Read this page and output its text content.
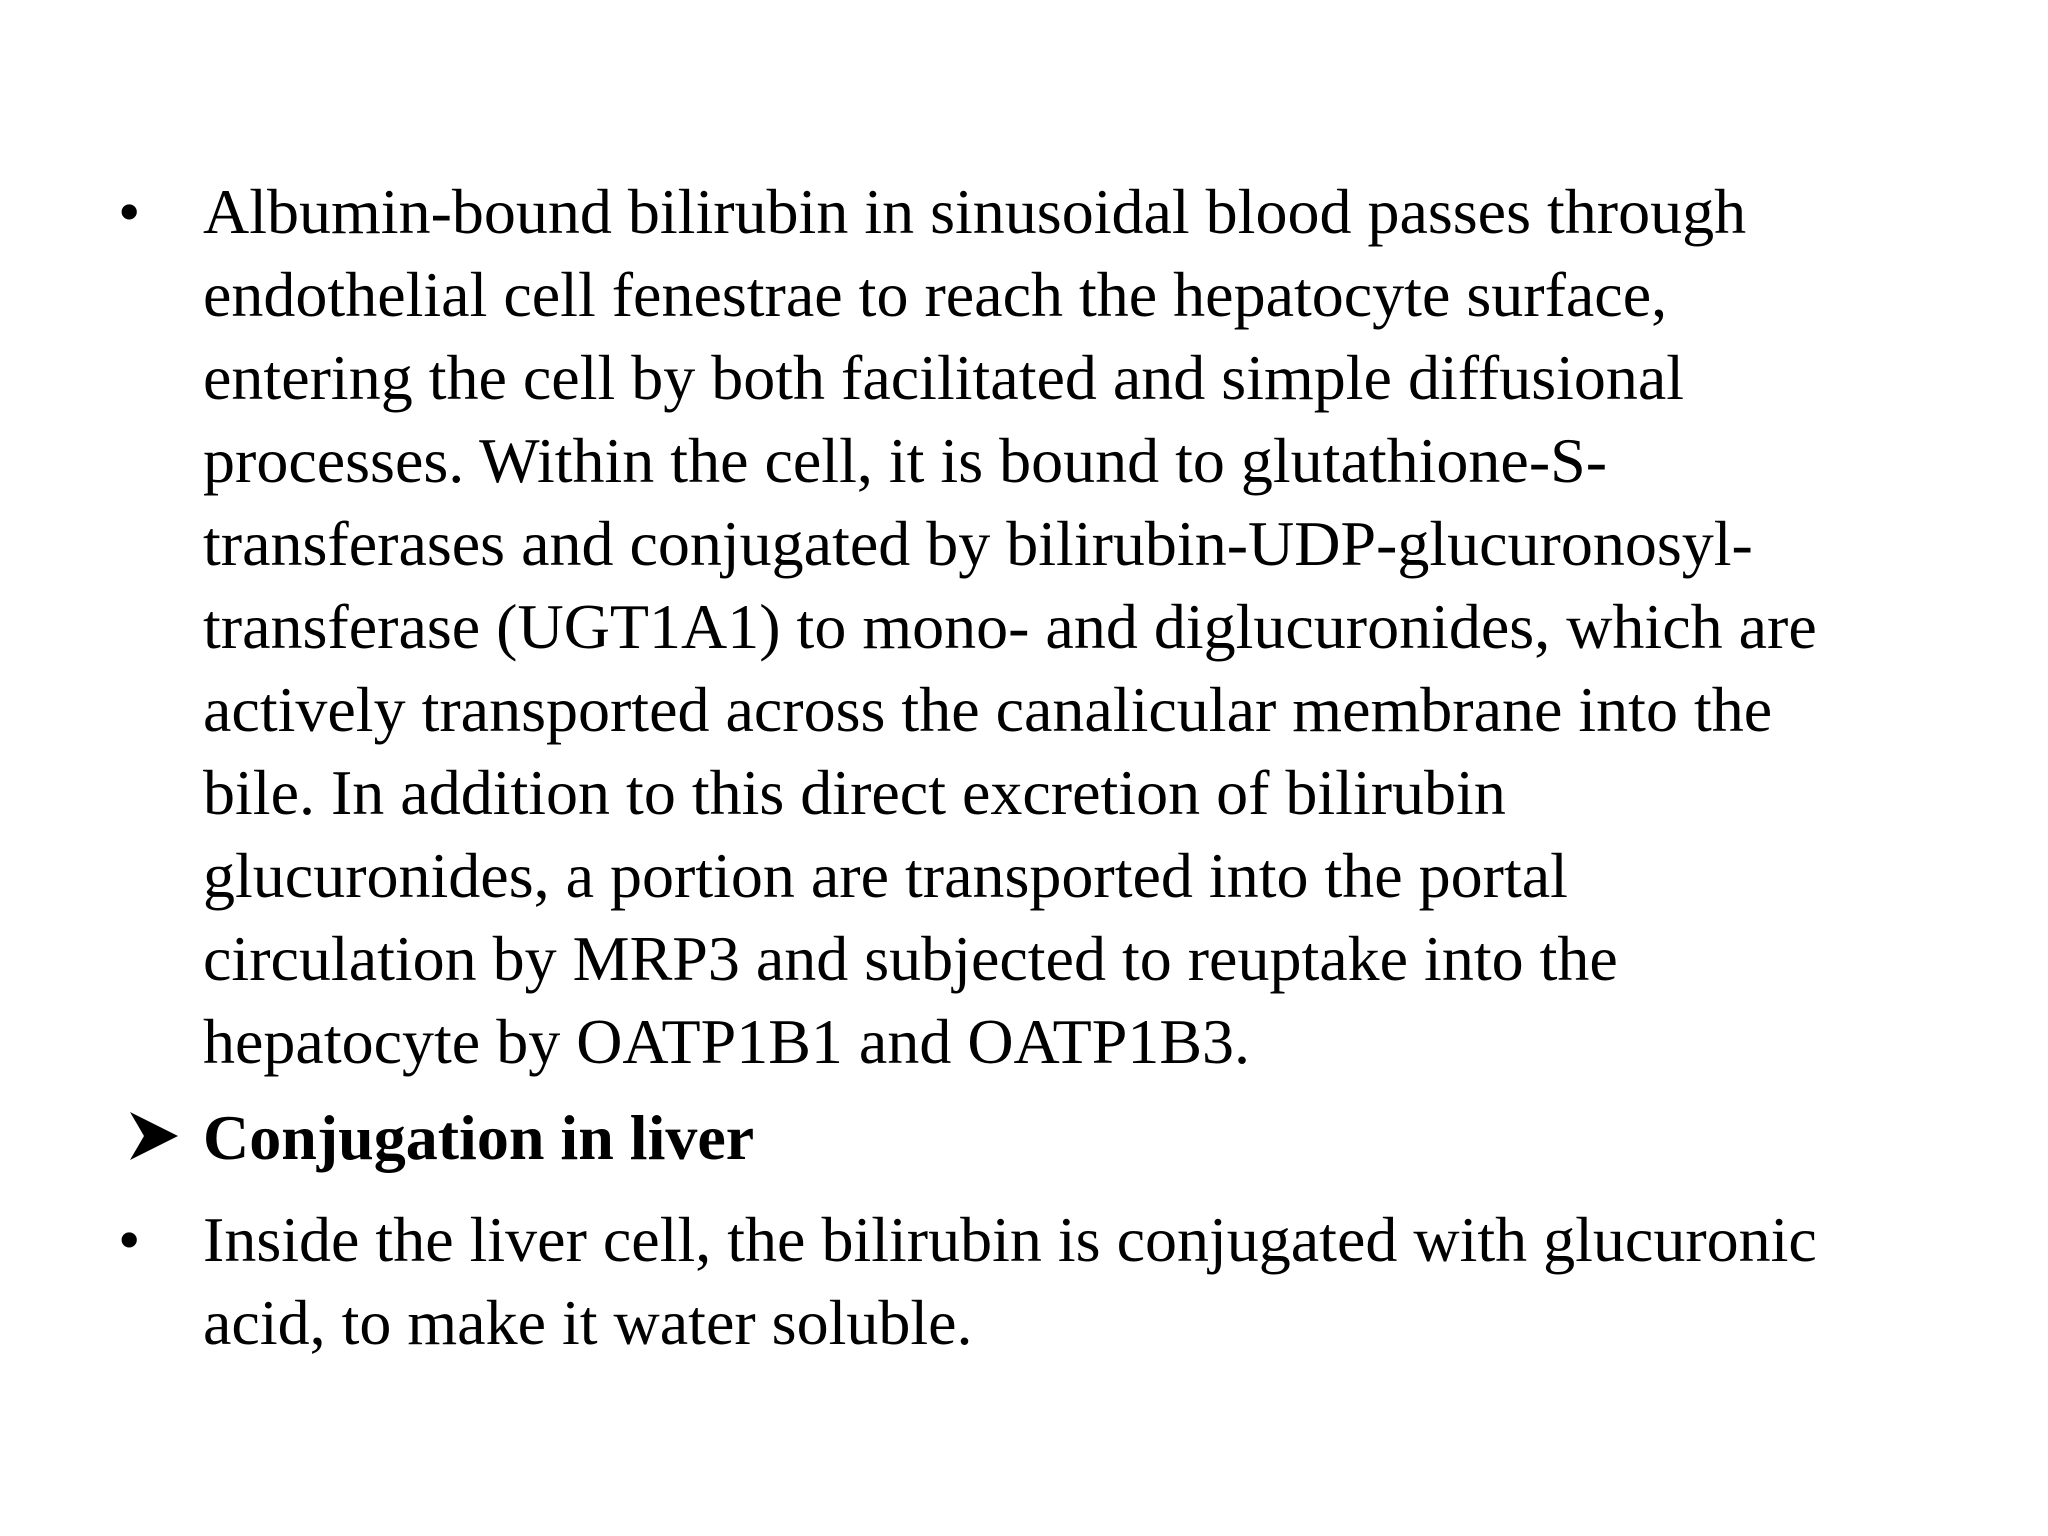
• Albumin-bound bilirubin in sinusoidal blood passes through
endothelial cell fenestrae to reach the hepatocyte surface,
entering the cell by both facilitated and simple diffusional
processes. Within the cell, it is bound to glutathione-S-
transferases and conjugated by bilirubin-UDP-glucuronosyl-
transferase (UGT1A1) to mono- and diglucuronides, which are
actively transported across the canalicular membrane into the
bile. In addition to this direct excretion of bilirubin
glucuronides, a portion are transported into the portal
circulation by MRP3 and subjected to reuptake into the
hepatocyte by OATP1B1 and OATP1B3.
Conjugation in liver
• Inside the liver cell, the bilirubin is conjugated with glucuronic
acid, to make it water soluble.
